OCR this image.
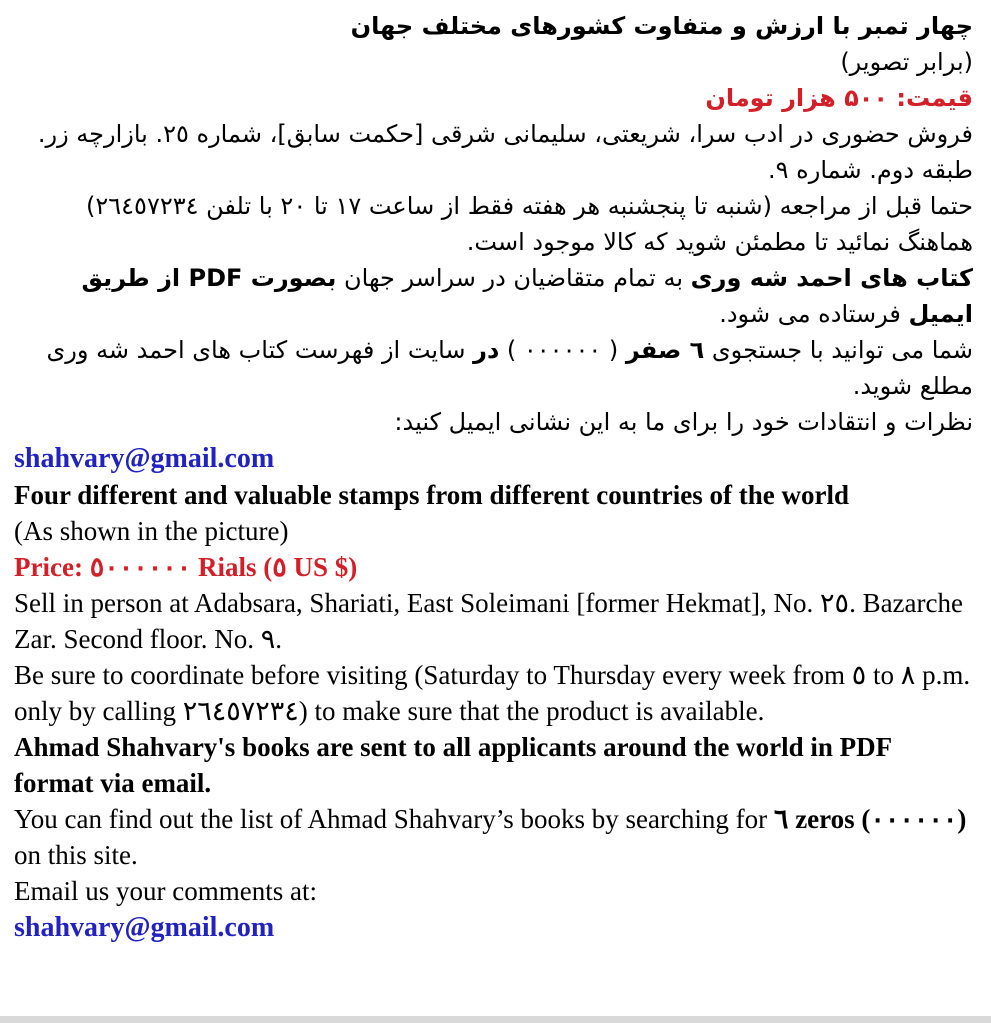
چهار تمبر با ارزش و متفاوت کشورهای مختلف جهان

(برابر تصویر)

قیمت: ۵۰۰ هزار تومان

فروش حضوری در ادب سرا، شریعتی، سلیمانی شرقی [حکمت سابق]، شماره ٢٥. بازارچه زر. طبقه دوم. شماره ٩.

حتما قبل از مراجعه (شنبه تا پنجشنبه هر هفته فقط از ساعت ١٧ تا ٢٠ با تلفن ٢٦٤٥٧٢٣٤) هماهنگ نمائید تا مطمئن شوید که کالا موجود است.

کتاب های احمد شه وری به تمام متقاضیان در سراسر جهان بصورت PDF از طریق ایمیل فرستاده می شود.

شما می توانید با جستجوی ٦ صفر ( ٠٠٠٠٠٠ ) در سایت از فهرست کتاب های احمد شه وری مطلع شوید.

نظرات و انتقادات خود را برای ما به این نشانی ایمیل کنید:

shahvary@gmail.com

Four different and valuable stamps from different countries of the world

(As shown in the picture)

Price: ٥٠٠٠٠٠٠ Rials (٥ US $)

Sell in person at Adabsara, Shariati, East Soleimani [former Hekmat], No. ٢٥. Bazarche Zar. Second floor. No. ٩.

Be sure to coordinate before visiting (Saturday to Thursday every week from ٥ to ٨ p.m. only by calling ٢٦٤٥٧٢٣٤) to make sure that the product is available.

Ahmad Shahvary's books are sent to all applicants around the world in PDF format via email.

You can find out the list of Ahmad Shahvary’s books by searching for ٦ zeros (٠٠٠٠٠٠) on this site.

Email us your comments at:

shahvary@gmail.com
